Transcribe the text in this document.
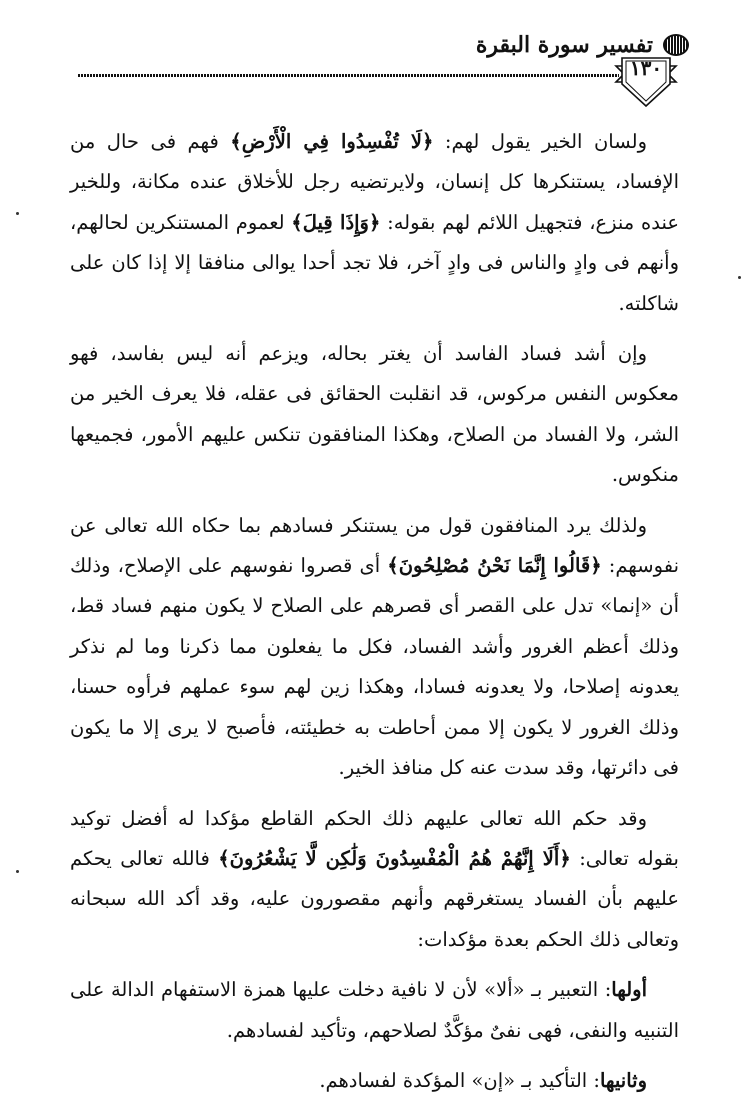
تفسير سورة البقرة
١٣٠

ولسان الخير يقول لهم: ﴿لَا تُفْسِدُوا فِي الْأَرْضِ﴾ فهم فى حال من الإفساد، يستنكرها كل إنسان، ولايرتضيه رجل للأخلاق عنده مكانة، وللخير عنده منزع، فتجهيل اللائم لهم بقوله: ﴿وَإِذَا قِيلَ﴾ لعموم المستنكرين لحالهم، وأنهم فى وادٍ والناس فى وادٍ آخر، فلا تجد أحدا يوالى منافقا إلا إذا كان على شاكلته.

وإن أشد فساد الفاسد أن يغتر بحاله، ويزعم أنه ليس بفاسد، فهو معكوس النفس مركوس، قد انقلبت الحقائق فى عقله، فلا يعرف الخير من الشر، ولا الفساد من الصلاح، وهكذا المنافقون تنكس عليهم الأمور، فجميعها منكوس.

ولذلك يرد المنافقون قول من يستنكر فسادهم بما حكاه الله تعالى عن نفوسهم: ﴿قَالُوا إِنَّمَا نَحْنُ مُصْلِحُونَ﴾ أى قصروا نفوسهم على الإصلاح، وذلك أن «إنما» تدل على القصر أى قصرهم على الصلاح لا يكون منهم فساد قط، وذلك أعظم الغرور وأشد الفساد، فكل ما يفعلون مما ذكرنا وما لم نذكر يعدونه إصلاحا، ولا يعدونه فسادا، وهكذا زين لهم سوء عملهم فرأوه حسنا، وذلك الغرور لا يكون إلا ممن أحاطت به خطيئته، فأصبح لا يرى إلا ما يكون فى دائرتها، وقد سدت عنه كل منافذ الخير.

وقد حكم الله تعالى عليهم ذلك الحكم القاطع مؤكدا له أفضل توكيد بقوله تعالى: ﴿أَلَا إِنَّهُمْ هُمُ الْمُفْسِدُونَ وَلَٰكِن لَّا يَشْعُرُونَ﴾ فالله تعالى يحكم عليهم بأن الفساد يستغرقهم وأنهم مقصورون عليه، وقد أكد الله سبحانه وتعالى ذلك الحكم بعدة مؤكدات:

أولها: التعبير بـ «ألا» لأن لا نافية دخلت عليها همزة الاستفهام الدالة على التنبيه والنفى، فهى نفىٌ مؤكَّدٌ لصلاحهم، وتأكيد لفسادهم.

وثانيها: التأكيد بـ «إن» المؤكدة لفسادهم.
